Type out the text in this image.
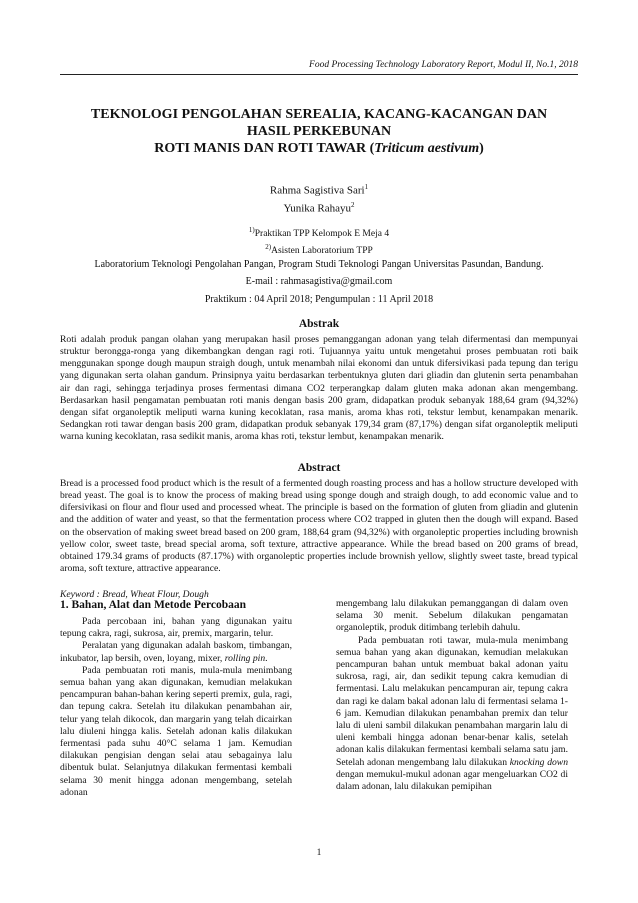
Food Processing Technology Laboratory Report, Modul II, No.1, 2018
TEKNOLOGI PENGOLAHAN SEREALIA, KACANG-KACANGAN DAN
HASIL PERKEBUNAN
ROTI MANIS DAN ROTI TAWAR (Triticum aestivum)
Rahma Sagistiva Sari$^1$
Yunika Rahayu$^2$
$^{1)}$Praktikan TPP Kelompok E Meja 4
$^{2)}$Asisten Laboratorium TPP
Laboratorium Teknologi Pengolahan Pangan, Program Studi Teknologi Pangan Universitas Pasundan, Bandung.
E-mail : rahmasagistiva@gmail.com
Praktikum : 04 April 2018; Pengumpulan : 11 April 2018
Abstrak
Roti adalah produk pangan olahan yang merupakan hasil proses pemanggangan adonan yang telah difermentasi dan mempunyai struktur berongga-ronga yang dikembangkan dengan ragi roti. Tujuannya yaitu untuk mengetahui proses pembuatan roti baik menggunakan sponge dough maupun straigh dough, untuk menambah nilai ekonomi dan untuk difersivikasi pada tepung dan terigu yang digunakan serta olahan gandum. Prinsipnya yaitu berdasarkan terbentuknya gluten dari gliadin dan glutenin serta penambahan air dan ragi, sehingga terjadinya proses fermentasi dimana CO2 terperangkap dalam gluten maka adonan akan mengembang. Berdasarkan hasil pengamatan pembuatan roti manis dengan basis 200 gram, didapatkan produk sebanyak 188,64 gram (94,32%) dengan sifat organoleptik meliputi warna kuning kecoklatan, rasa manis, aroma khas roti, tekstur lembut, kenampakan menarik. Sedangkan roti tawar dengan basis 200 gram, didapatkan produk sebanyak 179,34 gram (87,17%) dengan sifat organoleptik meliputi warna kuning kecoklatan, rasa sedikit manis, aroma khas roti, tekstur lembut, kenampakan menarik.
Abstract
Bread is a processed food product which is the result of a fermented dough roasting process and has a hollow structure developed with bread yeast. The goal is to know the process of making bread using sponge dough and straigh dough, to add economic value and to difersivikasi on flour and flour used and processed wheat. The principle is based on the formation of gluten from gliadin and glutenin and the addition of water and yeast, so that the fermentation process where CO2 trapped in gluten then the dough will expand. Based on the observation of making sweet bread based on 200 gram, 188,64 gram (94,32%) with organoleptic properties including brownish yellow color, sweet taste, bread special aroma, soft texture, attractive appearance. While the bread based on 200 grams of bread, obtained 179.34 grams of products (87.17%) with organoleptic properties include brownish yellow, slightly sweet taste, bread typical aroma, soft texture, attractive appearance.
Keyword : Bread, Wheat Flour, Dough
1. Bahan, Alat dan Metode Percobaan

Pada percobaan ini, bahan yang digunakan yaitu tepung cakra, ragi, sukrosa, air, premix, margarin, telur.

Peralatan yang digunakan adalah baskom, timbangan, inkubator, lap bersih, oven, loyang, mixer, rolling pin.

Pada pembuatan roti manis, mula-mula menimbang semua bahan yang akan digunakan, kemudian melakukan pencampuran bahan-bahan kering seperti premix, gula, ragi, dan tepung cakra. Setelah itu dilakukan penambahan air, telur yang telah dikocok, dan margarin yang telah dicairkan lalu diuleni hingga kalis. Setelah adonan kalis dilakukan fermentasi pada suhu 40°C selama 1 jam. Kemudian dilakukan pengisian dengan selai atau sebagainya lalu dibentuk bulat. Selanjutnya dilakukan fermentasi kembali selama 30 menit hingga adonan mengembang, setelah adonan

mengembang lalu dilakukan pemanggangan di dalam oven selama 30 menit. Sebelum dilakukan pengamatan organoleptik, produk ditimbang terlebih dahulu.

Pada pembuatan roti tawar, mula-mula menimbang semua bahan yang akan digunakan, kemudian melakukan pencampuran bahan untuk membuat bakal adonan yaitu sukrosa, ragi, air, dan sedikit tepung cakra kemudian di fermentasi. Lalu melakukan pencampuran air, tepung cakra dan ragi ke dalam bakal adonan lalu di fermentasi selama 1-6 jam. Kemudian dilakukan penambahan premix dan telur lalu di uleni sambil dilakukan penambahan margarin lalu di uleni kembali hingga adonan benar-benar kalis, setelah adonan kalis dilakukan fermentasi kembali selama satu jam. Setelah adonan mengembang lalu dilakukan knocking down dengan memukul-mukul adonan agar mengeluarkan CO2 di dalam adonan, lalu dilakukan pemipihan

1
